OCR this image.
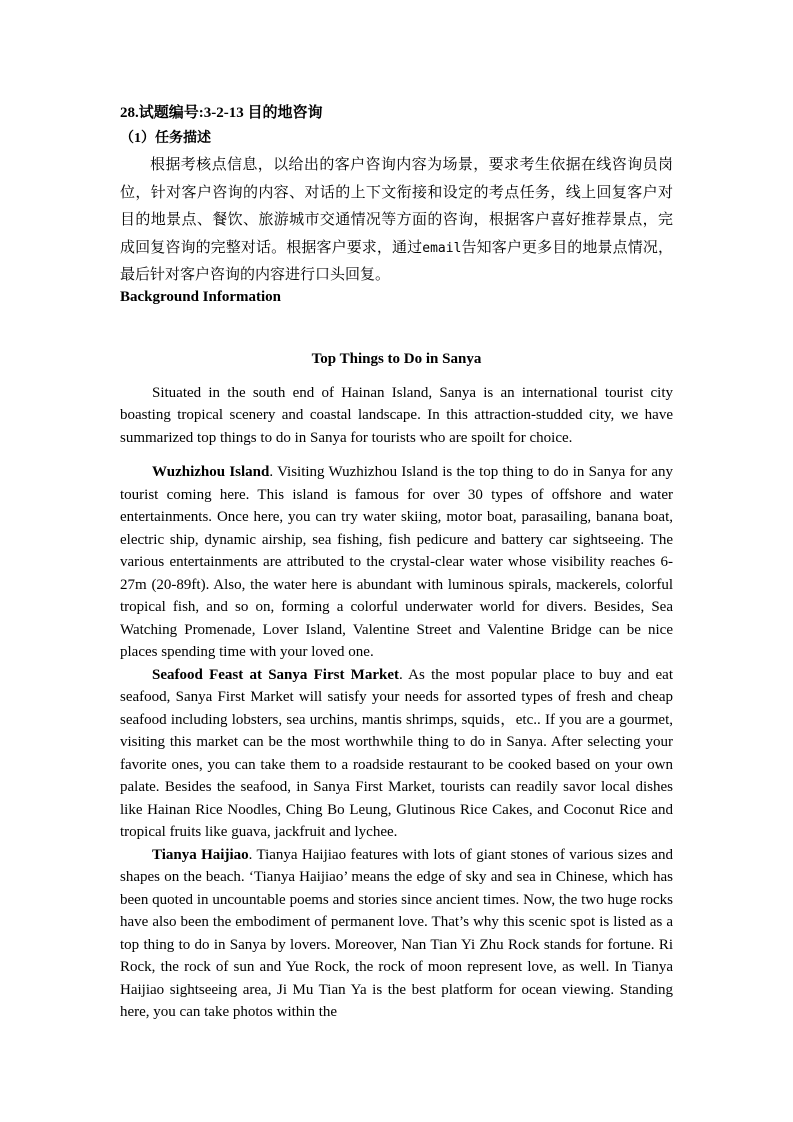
28.试题编号:3-2-13 目的地咨询

（1）任务描述

根据考核点信息，以给出的客户咨询内容为场景，要求考生依据在线咨询员岗位，针对客户咨询的内容、对话的上下文衔接和设定的考点任务，线上回复客户对目的地景点、餐饮、旅游城市交通情况等方面的咨询，根据客户喜好推荐景点，完成回复咨询的完整对话。根据客户要求，通过email告知客户更多目的地景点情况，最后针对客户咨询的内容进行口头回复。

Background Information

Top Things to Do in Sanya

Situated in the south end of Hainan Island, Sanya is an international tourist city boasting tropical scenery and coastal landscape. In this attraction-studded city, we have summarized top things to do in Sanya for tourists who are spoilt for choice.

Wuzhizhou Island. Visiting Wuzhizhou Island is the top thing to do in Sanya for any tourist coming here. This island is famous for over 30 types of offshore and water entertainments. Once here, you can try water skiing, motor boat, parasailing, banana boat, electric ship, dynamic airship, sea fishing, fish pedicure and battery car sightseeing. The various entertainments are attributed to the crystal-clear water whose visibility reaches 6-27m (20-89ft). Also, the water here is abundant with luminous spirals, mackerels, colorful tropical fish, and so on, forming a colorful underwater world for divers. Besides, Sea Watching Promenade, Lover Island, Valentine Street and Valentine Bridge can be nice places spending time with your loved one.

Seafood Feast at Sanya First Market. As the most popular place to buy and eat seafood, Sanya First Market will satisfy your needs for assorted types of fresh and cheap seafood including lobsters, sea urchins, mantis shrimps, squids，etc.. If you are a gourmet, visiting this market can be the most worthwhile thing to do in Sanya. After selecting your favorite ones, you can take them to a roadside restaurant to be cooked based on your own palate. Besides the seafood, in Sanya First Market, tourists can readily savor local dishes like Hainan Rice Noodles, Ching Bo Leung, Glutinous Rice Cakes, and Coconut Rice and tropical fruits like guava, jackfruit and lychee.

Tianya Haijiao. Tianya Haijiao features with lots of giant stones of various sizes and shapes on the beach. ‘Tianya Haijiao’ means the edge of sky and sea in Chinese, which has been quoted in uncountable poems and stories since ancient times. Now, the two huge rocks have also been the embodiment of permanent love. That’s why this scenic spot is listed as a top thing to do in Sanya by lovers. Moreover, Nan Tian Yi Zhu Rock stands for fortune. Ri Rock, the rock of sun and Yue Rock, the rock of moon represent love, as well. In Tianya Haijiao sightseeing area, Ji Mu Tian Ya is the best platform for ocean viewing. Standing here, you can take photos within the
